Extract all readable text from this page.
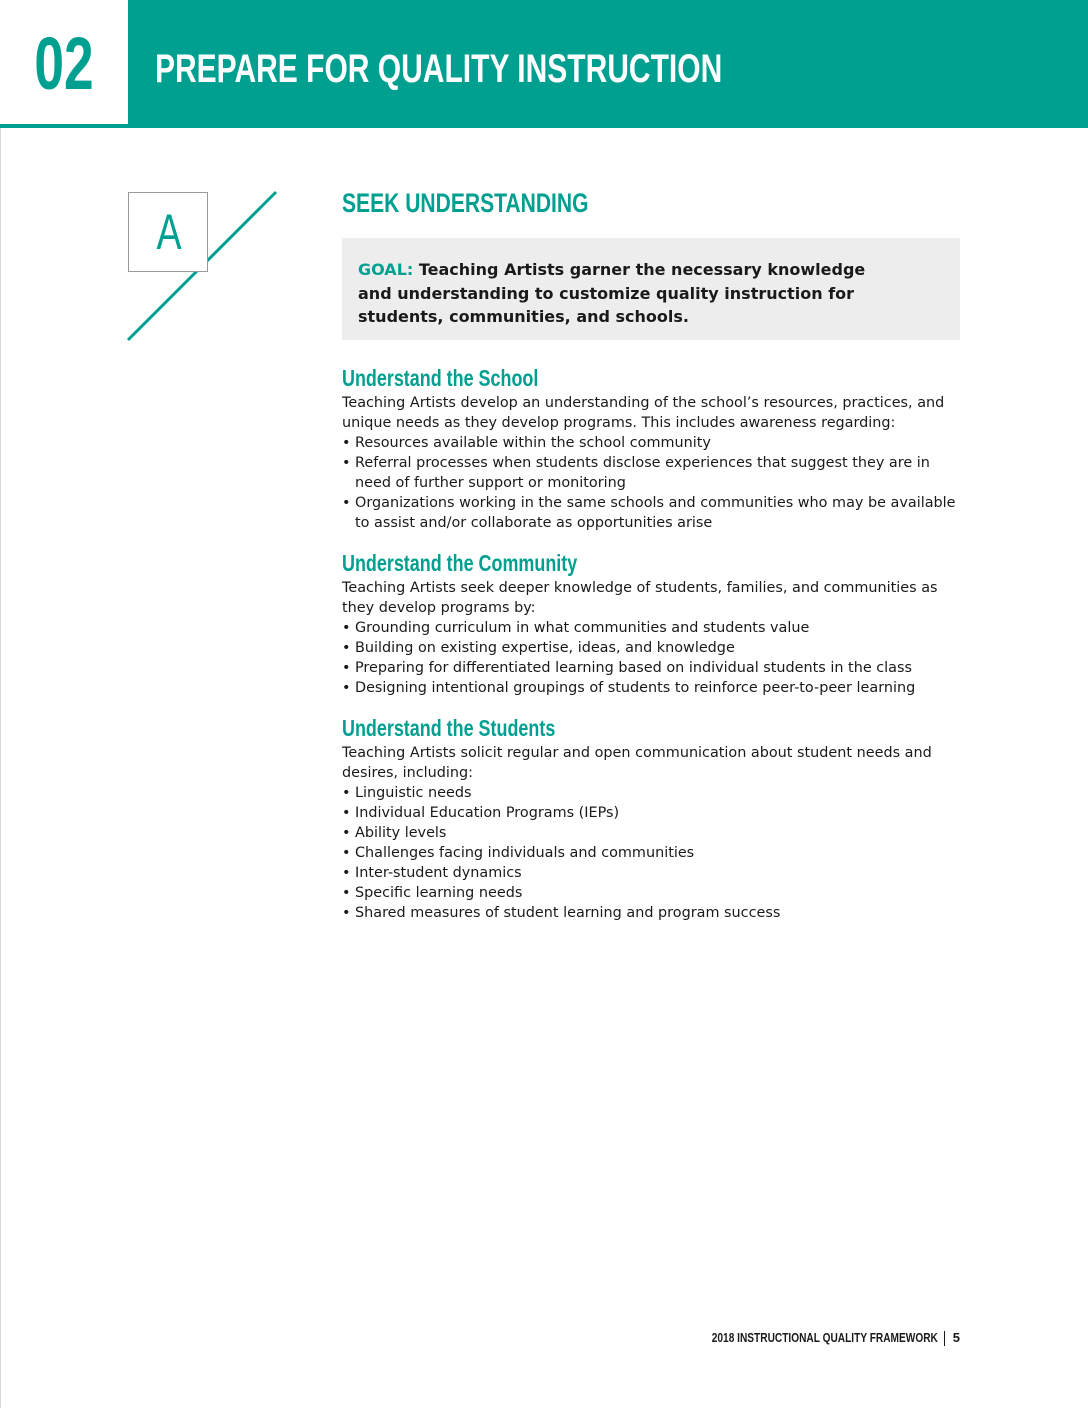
02	PREPARE FOR QUALITY INSTRUCTION
A
SEEK UNDERSTANDING
GOAL: Teaching Artists garner the necessary knowledge and understanding to customize quality instruction for students, communities, and schools.
Understand the School
Teaching Artists develop an understanding of the school’s resources, practices, and unique needs as they develop programs. This includes awareness regarding:
• Resources available within the school community
• Referral processes when students disclose experiences that suggest they are in need of further support or monitoring
• Organizations working in the same schools and communities who may be available to assist and/or collaborate as opportunities arise
Understand the Community
Teaching Artists seek deeper knowledge of students, families, and communities as they develop programs by:
• Grounding curriculum in what communities and students value
• Building on existing expertise, ideas, and knowledge
• Preparing for differentiated learning based on individual students in the class
• Designing intentional groupings of students to reinforce peer-to-peer learning
Understand the Students
Teaching Artists solicit regular and open communication about student needs and desires, including:
• Linguistic needs
• Individual Education Programs (IEPs)
• Ability levels
• Challenges facing individuals and communities
• Inter-student dynamics
• Specific learning needs
• Shared measures of student learning and program success
2018 INSTRUCTIONAL QUALITY FRAMEWORK 5
